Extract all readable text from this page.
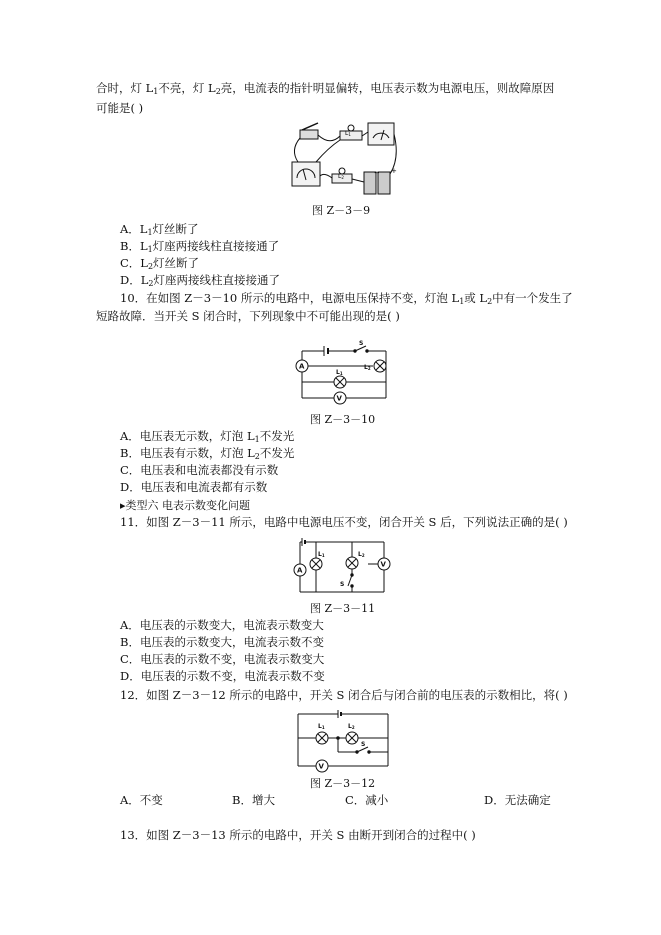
合时，灯 $L_1$不亮，灯 $L_2$亮，电流表的指针明显偏转，电压表示数为电源电压，则故障原因
可能是( )
L1
L2
− +
图 Z－3－9
A．$L_1$灯丝断了
B．$L_1$灯座两接线柱直接接通了
C．$L_2$灯丝断了
D．$L_2$灯座两接线柱直接接通了
10．在如图 Z－3－10 所示的电路中，电源电压保持不变，灯泡 $L_1$或 $L_2$中有一个发生了
短路故障．当开关 S 闭合时，下列现象中不可能出现的是( )
S
A
V
L1
L2
图 Z－3－10
A．电压表无示数，灯泡 $L_1$不发光
B．电压表有示数，灯泡 $L_2$不发光
C．电压表和电流表都没有示数
D．电压表和电流表都有示数
▸类型六 电表示数变化问题
11．如图 Z－3－11 所示，电路中电源电压不变，闭合开关 S 后，下列说法正确的是( )
A
V
L1	L2
S
图 Z－3－11
A．电压表的示数变大，电流表示数变大
B．电压表的示数变大，电流表示数不变
C．电压表的示数不变，电流表示数变大
D．电压表的示数不变，电流表示数不变
12．如图 Z－3－12 所示的电路中，开关 S 闭合后与闭合前的电压表的示数相比，将( )
V
L1	L2
S
图 Z－3－12
A．不变	B．增大	C．减小	D．无法确定
13．如图 Z－3－13 所示的电路中，开关 S 由断开到闭合的过程中( )
